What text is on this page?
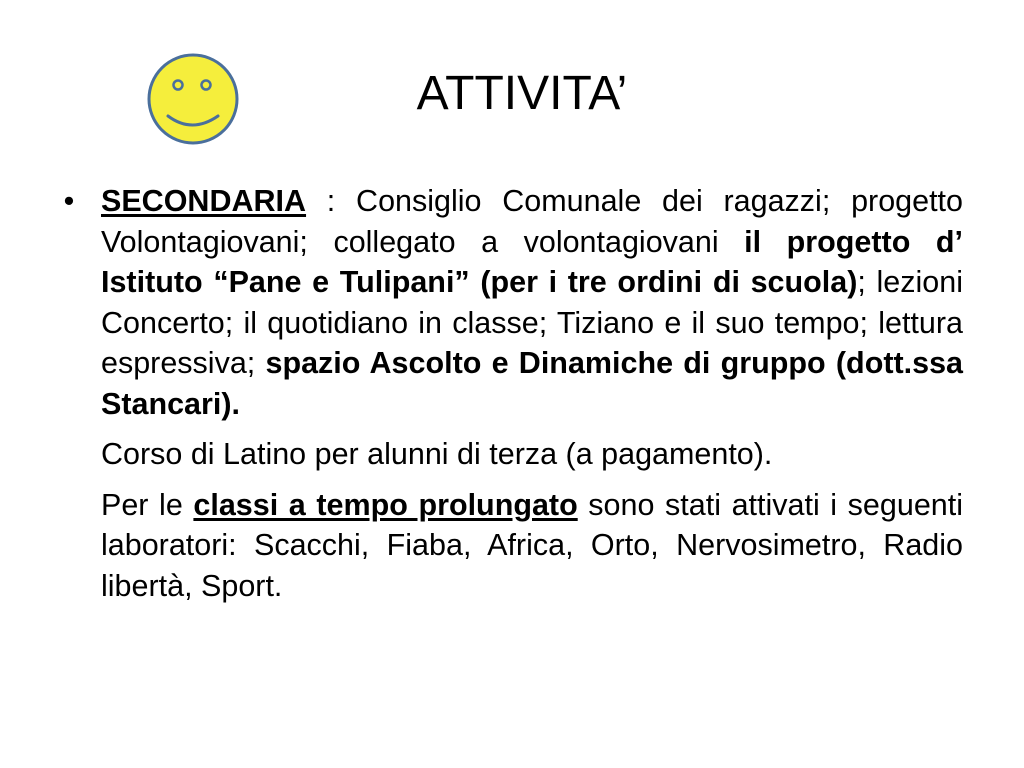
ATTIVITA’
• SECONDARIA : Consiglio Comunale dei ragazzi; progetto Volontagiovani; collegato a volontagiovani il progetto d’ Istituto “Pane e Tulipani” (per i tre ordini di scuola); lezioni Concerto; il quotidiano in classe; Tiziano e il suo tempo; lettura espressiva; spazio Ascolto e Dinamiche di gruppo (dott.ssa Stancari).

Corso di Latino per alunni di terza (a pagamento).

Per le classi a tempo prolungato sono stati attivati i seguenti laboratori: Scacchi, Fiaba, Africa, Orto, Nervosimetro, Radio libertà, Sport.
